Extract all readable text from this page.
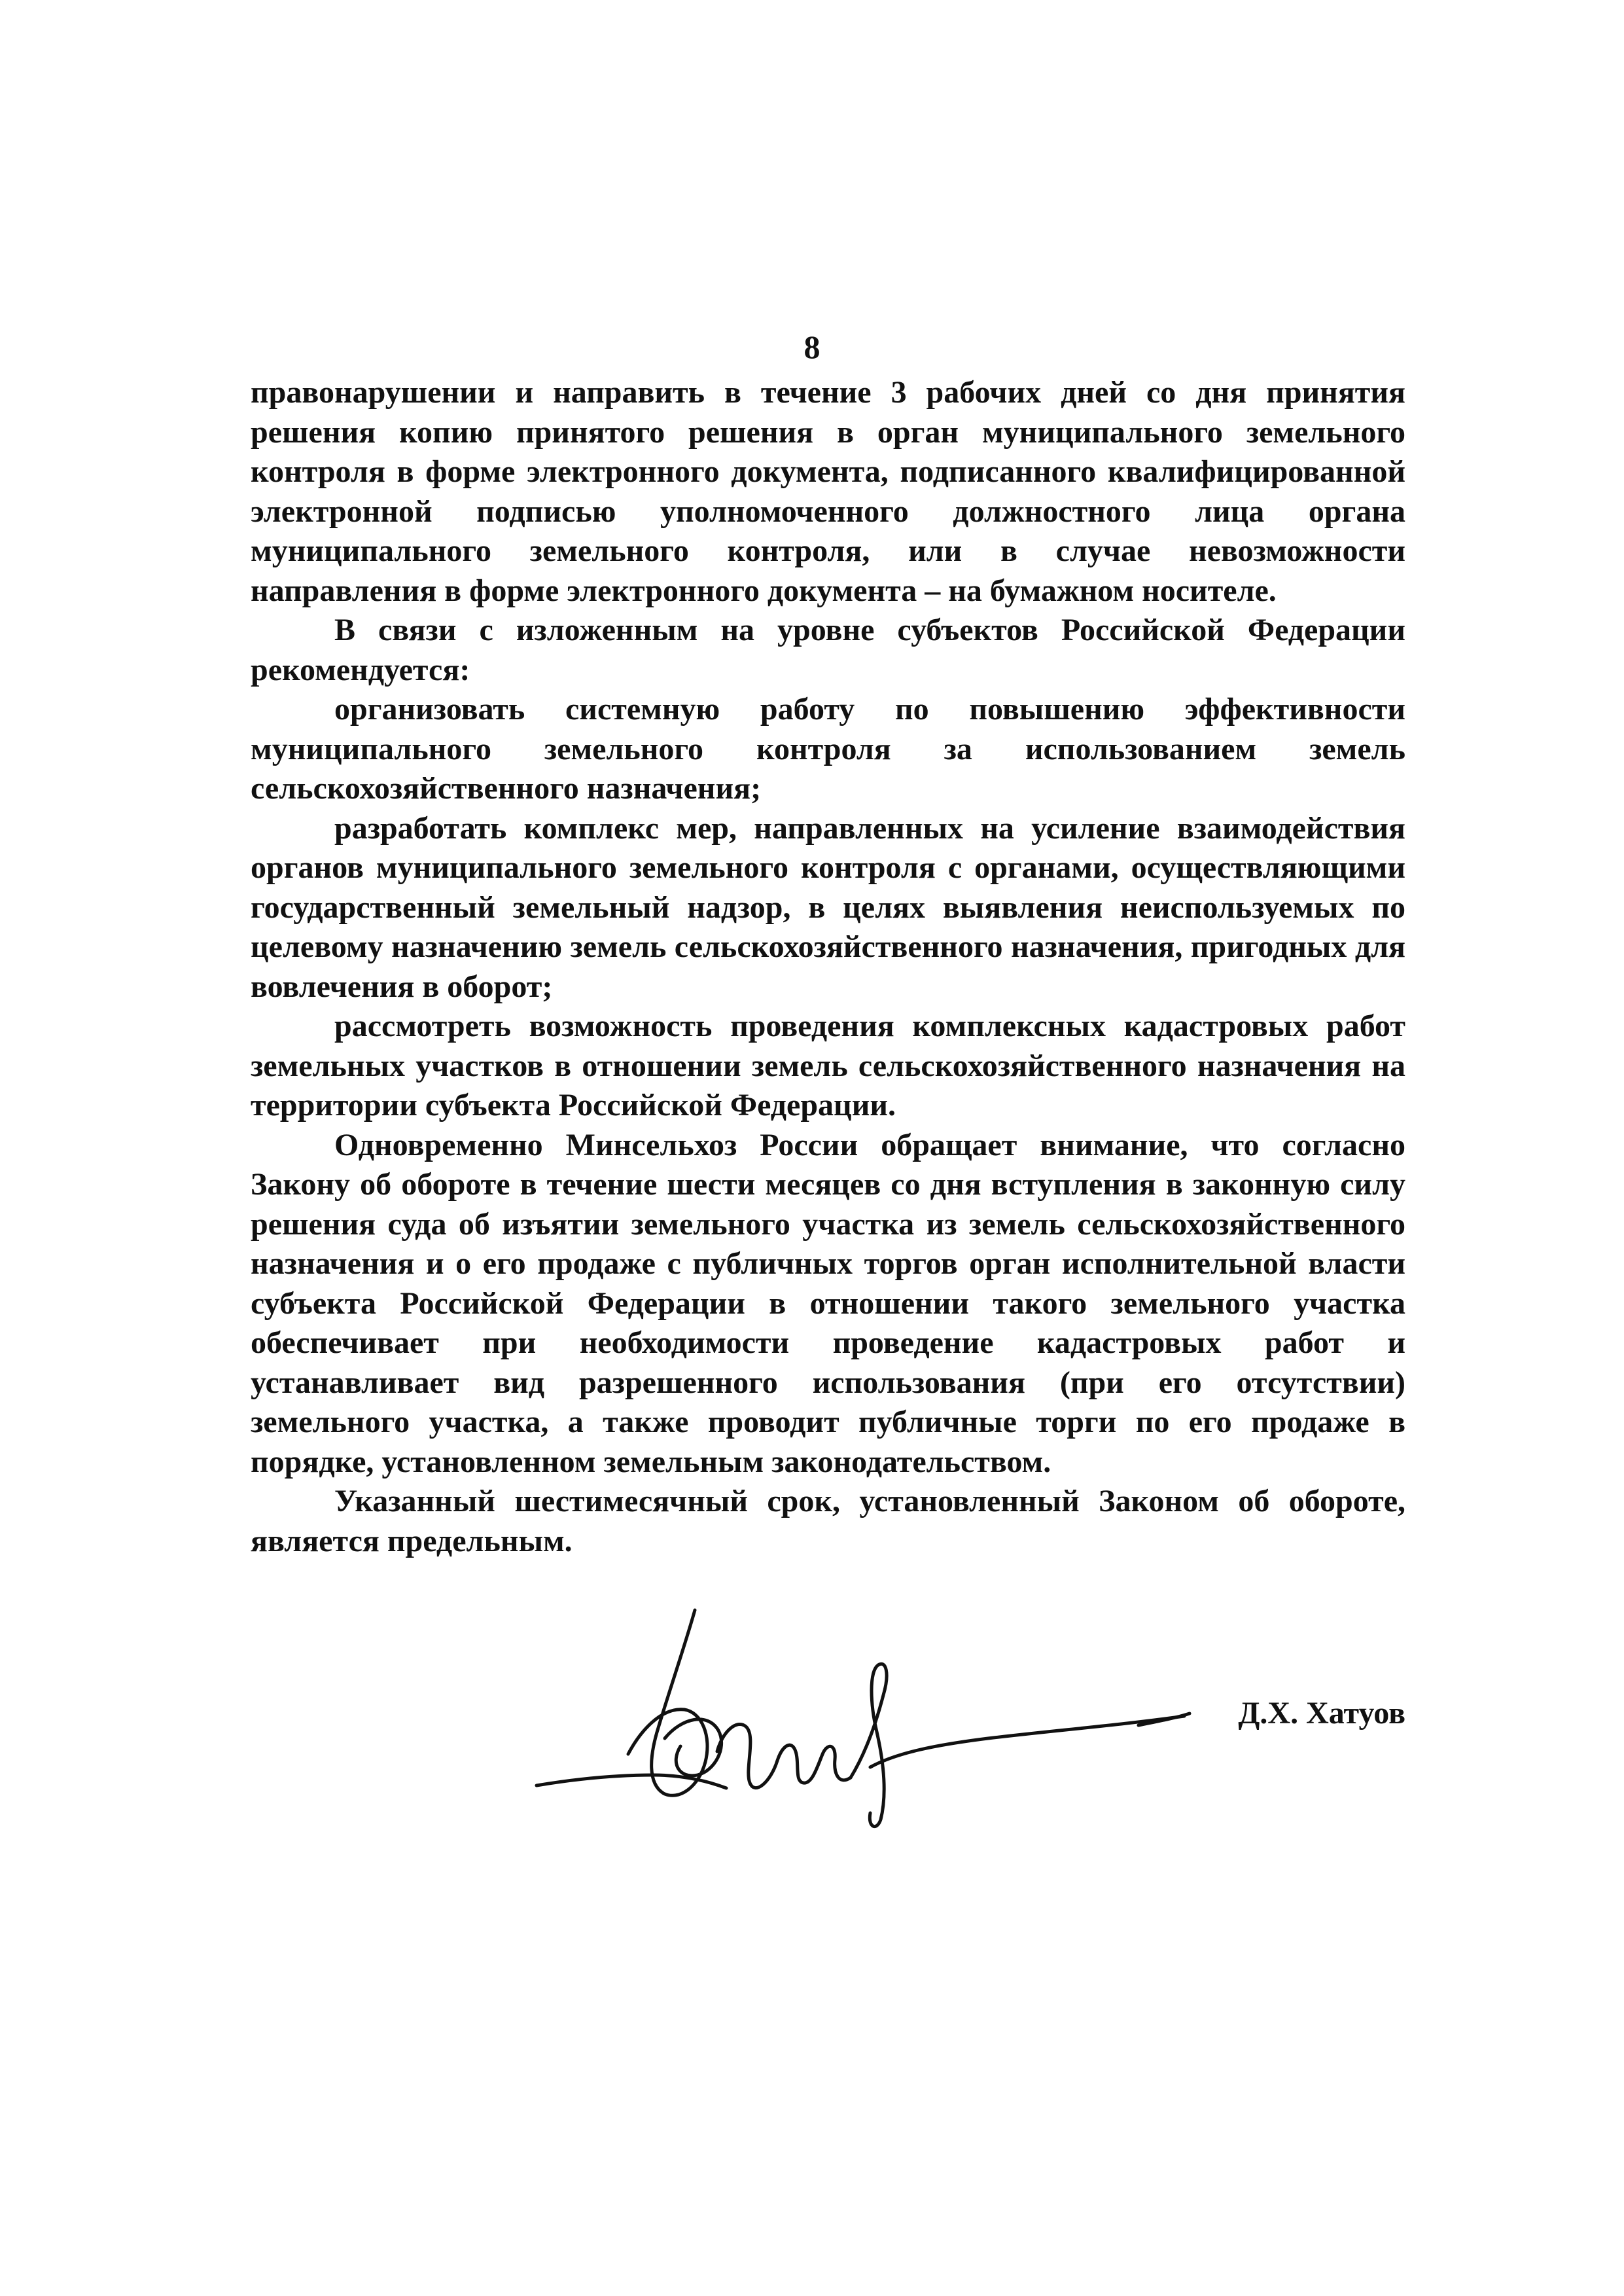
8

правонарушении и направить в течение 3 рабочих дней со дня принятия решения копию принятого решения в орган муниципального земельного контроля в форме электронного документа, подписанного квалифицированной электронной подписью уполномоченного должностного лица органа муниципального земельного контроля, или в случае невозможности направления в форме электронного документа – на бумажном носителе.

В связи с изложенным на уровне субъектов Российской Федерации рекомендуется:

организовать системную работу по повышению эффективности муниципального земельного контроля за использованием земель сельскохозяйственного назначения;

разработать комплекс мер, направленных на усиление взаимодействия органов муниципального земельного контроля с органами, осуществляющими государственный земельный надзор, в целях выявления неиспользуемых по целевому назначению земель сельскохозяйственного назначения, пригодных для вовлечения в оборот;

рассмотреть возможность проведения комплексных кадастровых работ земельных участков в отношении земель сельскохозяйственного назначения на территории субъекта Российской Федерации.

Одновременно Минсельхоз России обращает внимание, что согласно Закону об обороте в течение шести месяцев со дня вступления в законную силу решения суда об изъятии земельного участка из земель сельскохозяйственного назначения и о его продаже с публичных торгов орган исполнительной власти субъекта Российской Федерации в отношении такого земельного участка обеспечивает при необходимости проведение кадастровых работ и устанавливает вид разрешенного использования (при его отсутствии) земельного участка, а также проводит публичные торги по его продаже в порядке, установленном земельным законодательством.

Указанный шестимесячный срок, установленный Законом об обороте, является предельным.

Д.Х. Хатуов
